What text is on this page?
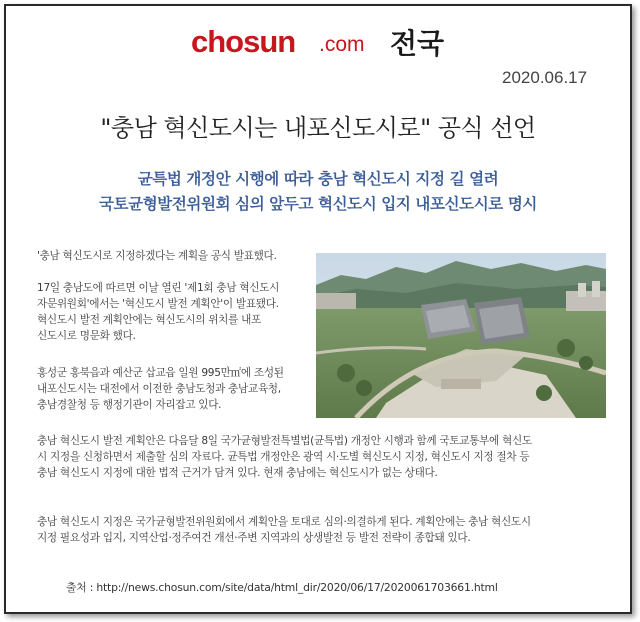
chosun .com 전국
2020.06.17
"충남 혁신도시는 내포신도시로" 공식 선언
균특법 개정안 시행에 따라 충남 혁신도시 지정 길 열려
국토균형발전위원회 심의 앞두고 혁신도시 입지 내포신도시로 명시
'충남 혁신도시로 지정하겠다는 계획을 공식 발표했다.
17일 충남도에 따르면 이날 열린 '제1회 충남 혁신도시
자문위원회'에서는 '혁신도시 발전 계획안'이 발표됐다.
혁신도시 발전 계획안에는 혁신도시의 위치를 내포
신도시로 명문화 했다.
홍성군 홍북읍과 예산군 삽교읍 일원 995만㎡에 조성된
내포신도시는 대전에서 이전한 충남도청과 충남교육청,
충남경찰청 등 행정기관이 자리잡고 있다.
충남 혁신도시 발전 계획안은 다음달 8일 국가균형발전특별법(균특법) 개정안 시행과 함께 국토교통부에 혁신도
시 지정을 신청하면서 제출할 심의 자료다. 균특법 개정안은 광역 시·도별 혁신도시 지정, 혁신도시 지정 절차 등
충남 혁신도시 지정에 대한 법적 근거가 담겨 있다. 현재 충남에는 혁신도시가 없는 상태다.
충남 혁신도시 지정은 국가균형발전위원회에서 계획안을 토대로 심의·의결하게 된다. 계획안에는 충남 혁신도시
지정 필요성과 입지, 지역산업·정주여건 개선·주변 지역과의 상생발전 등 발전 전략이 종합돼 있다.
출처 : http://news.chosun.com/site/data/html_dir/2020/06/17/2020061703661.html
